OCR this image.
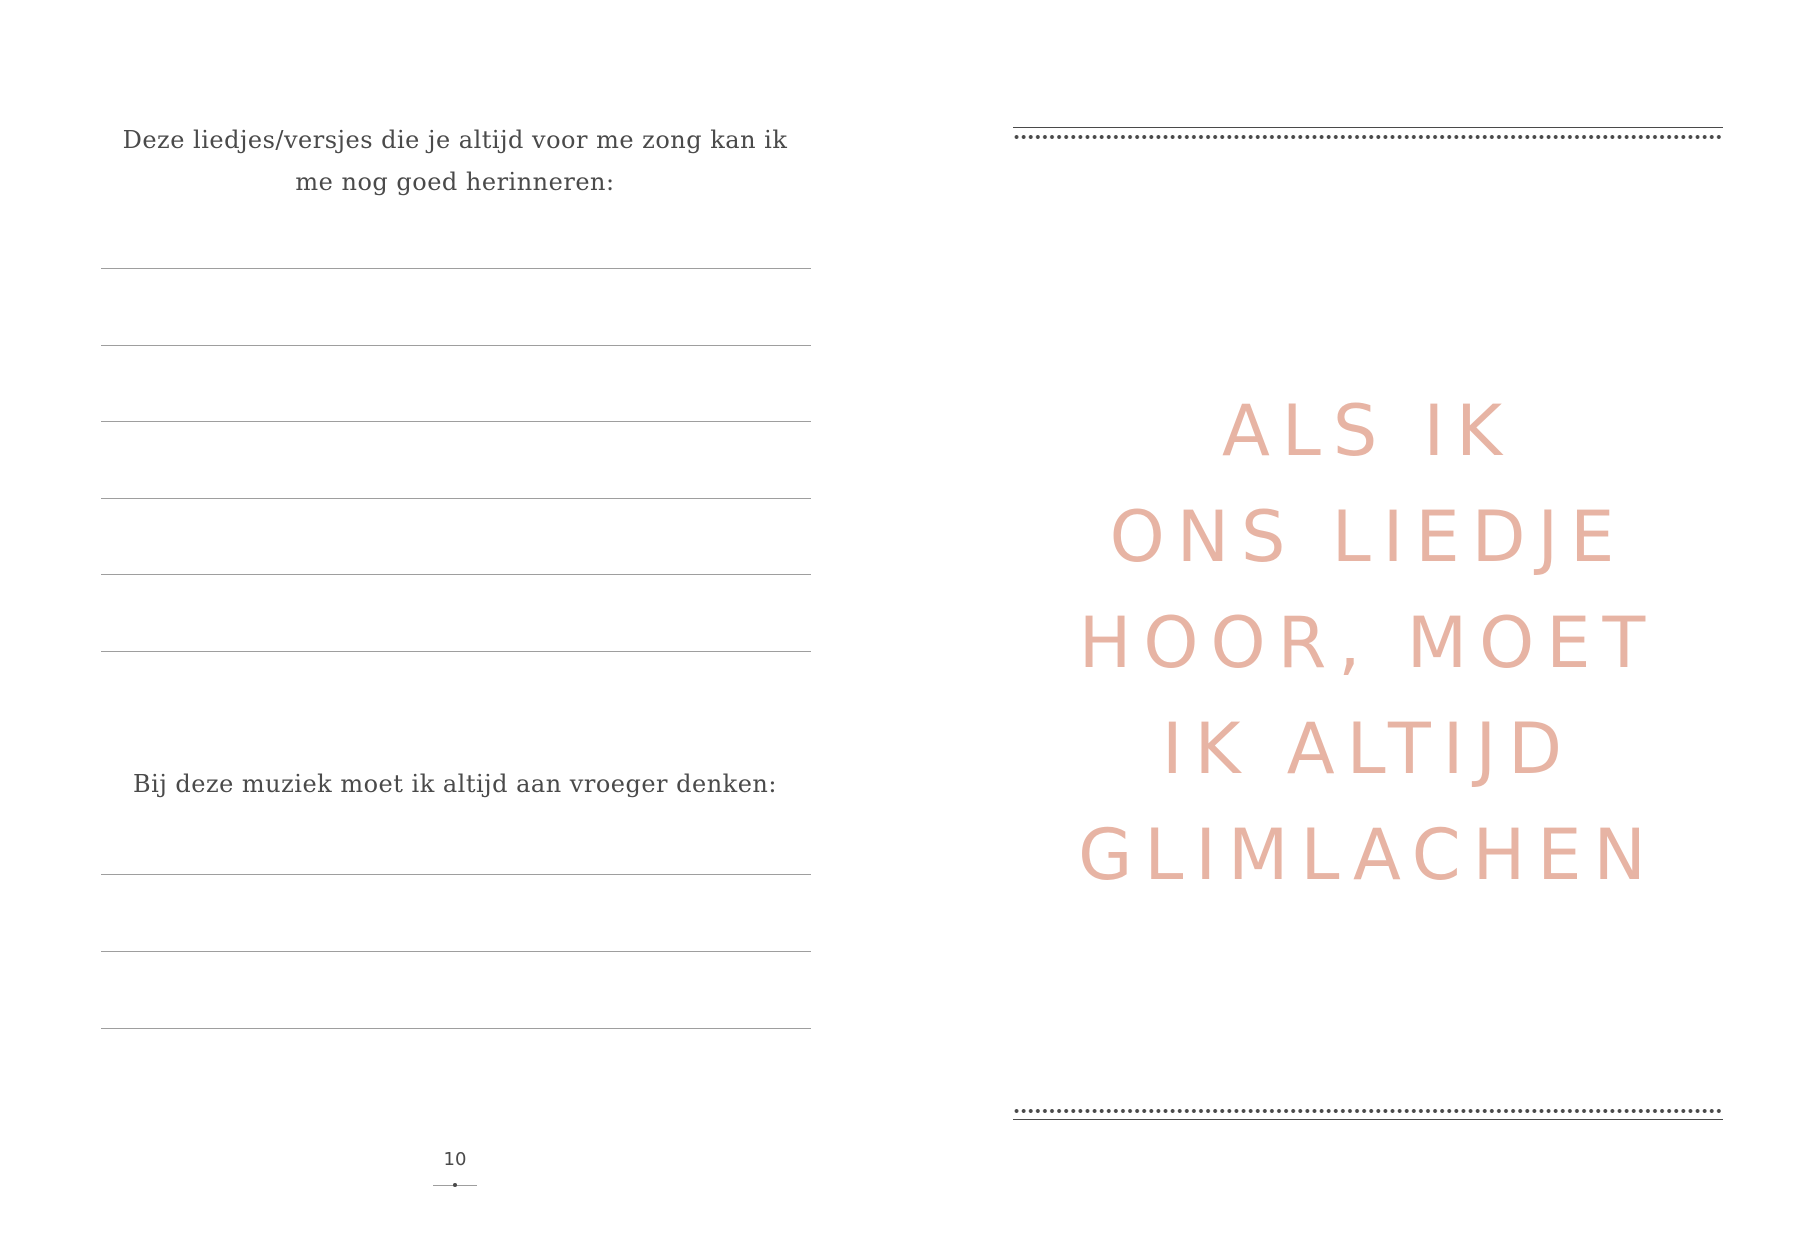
Deze liedjes/versjes die je altijd voor me zong kan ik me nog goed herinneren:

Bij deze muziek moet ik altijd aan vroeger denken:

10
ALS IK
ONS LIEDJE
HOOR, MOET
IK ALTIJD
GLIMLACHEN
